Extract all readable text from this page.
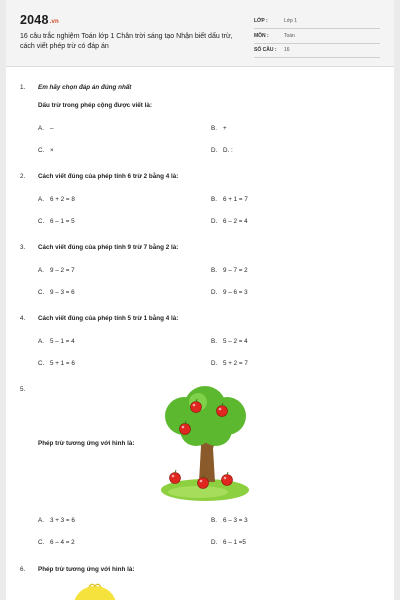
2048.vn
16 câu trắc nghiệm Toán lớp 1 Chân trời sáng tạo Nhận biết dấu trừ, cách viết phép trừ có đáp án
LỚP :	Lớp 1
MÔN :	Toán
SỐ CÂU : 16
1. Em hãy chọn đáp án đúng nhất
Dấu trừ trong phép cộng được viết là:
A. –	B. +
C. ×	D. D. :
2. Cách viết đúng của phép tính 6 trừ 2 bằng 4 là:
A. 6 + 2 = 8	B. 6 + 1 = 7
C. 6 – 1 = 5	D. 6 – 2 = 4
3. Cách viết đúng của phép tính 9 trừ 7 bằng 2 là:
A. 9 – 2 = 7	B. 9 – 7 = 2
C. 9 – 3 = 6	D. 9 – 6 = 3
4. Cách viết đúng của phép tính 5 trừ 1 bằng 4 là:
A. 5 – 1 = 4	B. 5 – 2 = 4
C. 5 + 1 = 6	D. 5 + 2 = 7
5.
Phép trừ tương ứng với hình là:
A. 3 + 3 = 6	B. 6 – 3 = 3
C. 6 – 4 = 2	D. 6 – 1 =5
6. Phép trừ tương ứng với hình là:
